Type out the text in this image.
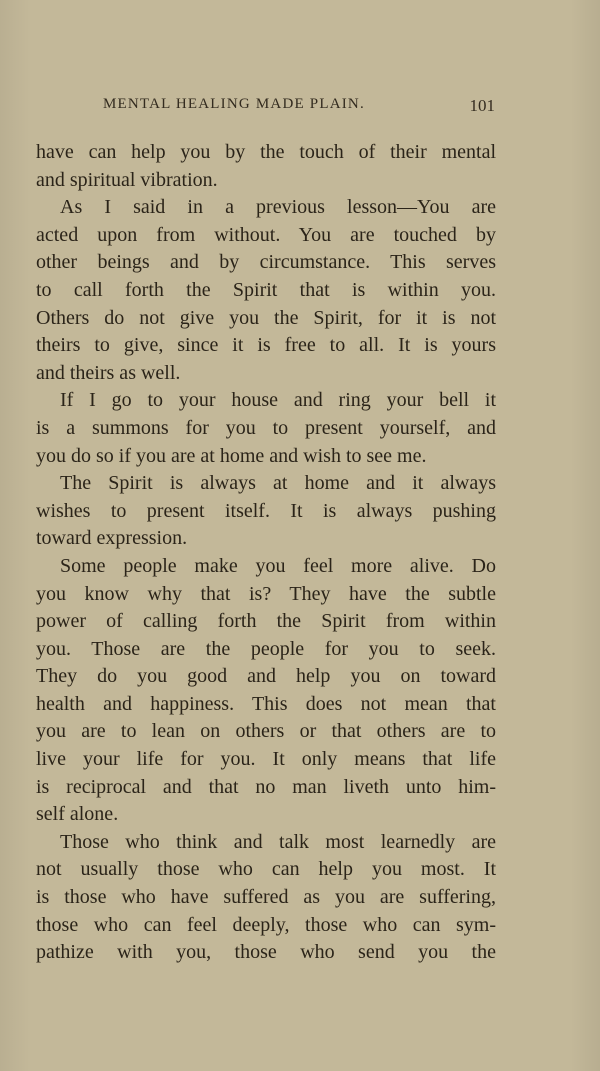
MENTAL HEALING MADE PLAIN.	101
have can help you by the touch of their mental
and spiritual vibration.
As I said in a previous lesson—You are
acted upon from without. You are touched by
other beings and by circumstance. This serves
to call forth the Spirit that is within you.
Others do not give you the Spirit, for it is not
theirs to give, since it is free to all. It is yours
and theirs as well.
If I go to your house and ring your bell it
is a summons for you to present yourself, and
you do so if you are at home and wish to see me.
The Spirit is always at home and it always
wishes to present itself. It is always pushing
toward expression.
Some people make you feel more alive. Do
you know why that is? They have the subtle
power of calling forth the Spirit from within
you. Those are the people for you to seek.
They do you good and help you on toward
health and happiness. This does not mean that
you are to lean on others or that others are to
live your life for you. It only means that life
is reciprocal and that no man liveth unto him-
self alone.
Those who think and talk most learnedly are
not usually those who can help you most. It
is those who have suffered as you are suffering,
those who can feel deeply, those who can sym-
pathize with you, those who send you the
